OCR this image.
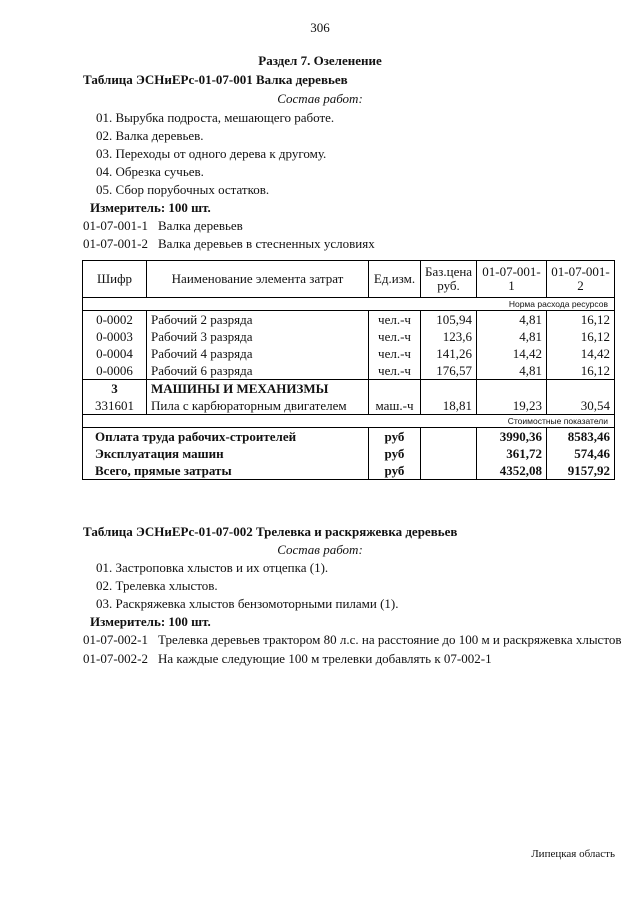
306
Раздел 7. Озеленение
Таблица ЭСНиЕРс-01-07-001 Валка деревьев
Состав работ:
01. Вырубка подроста, мешающего работе.
02. Валка деревьев.
03. Переходы от одного дерева к другому.
04. Обрезка сучьев.
05. Сбор порубочных остатков.
Измеритель: 100 шт.
01-07-001-1 Валка деревьев
01-07-001-2 Валка деревьев в стесненных условиях
Шифр	Наименование элемента затрат	Ед.изм.	Баз.цена руб.	01-07-001-1	01-07-001-2
Норма расхода ресурсов					
0-0002	Рабочий 2 разряда	чел.-ч	105,94	4,81	16,12
0-0003	Рабочий 3 разряда	чел.-ч	123,6	4,81	16,12
0-0004	Рабочий 4 разряда	чел.-ч	141,26	14,42	14,42
0-0006	Рабочий 6 разряда	чел.-ч	176,57	4,81	16,12
3	МАШИНЫ И МЕХАНИЗМЫ				
331601	Пила с карбюраторным двигателем	маш.-ч	18,81	19,23	30,54
Стоимостные показатели					
Оплата труда рабочих-строителей		руб		3990,36	8583,46
Эксплуатация машин		руб		361,72	574,46
Всего, прямые затраты		руб		4352,08	9157,92
Таблица ЭСНиЕРс-01-07-002 Трелевка и раскряжевка деревьев
Состав работ:
01. Застроповка хлыстов и их отцепка (1).
02. Трелевка хлыстов.
03. Раскряжевка хлыстов бензомоторными пилами (1).
Измеритель: 100 шт.
01-07-002-1 Трелевка деревьев трактором 80 л.с. на расстояние до 100 м и раскряжевка хлыстов
01-07-002-2 На каждые следующие 100 м трелевки добавлять к 07-002-1
Липецкая область
